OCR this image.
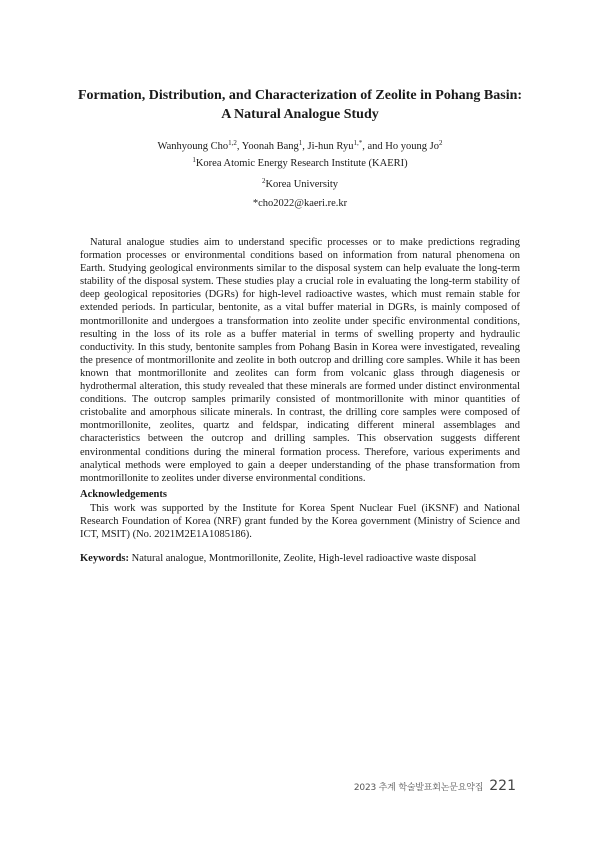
Formation, Distribution, and Characterization of Zeolite in Pohang Basin:
A Natural Analogue Study
Wanhyoung Cho$^{1,2}$, Yoonah Bang$^1$, Ji-hun Ryu$^{1,*}$, and Ho young Jo$^2$
$^1$Korea Atomic Energy Research Institute (KAERI)
$^2$Korea University
*cho2022@kaeri.re.kr

Natural analogue studies aim to understand specific processes or to make predictions regrading formation processes or environmental conditions based on information from natural phenomena on Earth. Studying geological environments similar to the disposal system can help evaluate the long-term stability of the disposal system. These studies play a crucial role in evaluating the long-term stability of deep geological repositories (DGRs) for high-level radioactive wastes, which must remain stable for extended periods. In particular, bentonite, as a vital buffer material in DGRs, is mainly composed of montmorillonite and undergoes a transformation into zeolite under specific environmental conditions, resulting in the loss of its role as a buffer material in terms of swelling property and hydraulic conductivity. In this study, bentonite samples from Pohang Basin in Korea were investigated, revealing the presence of montmorillonite and zeolite in both outcrop and drilling core samples. While it has been known that montmorillonite and zeolites can form from volcanic glass through diagenesis or hydrothermal alteration, this study revealed that these minerals are formed under distinct environmental conditions. The outcrop samples primarily consisted of montmorillonite with minor quantities of cristobalite and amorphous silicate minerals. In contrast, the drilling core samples were composed of montmorillonite, zeolites, quartz and feldspar, indicating different mineral assemblages and characteristics between the outcrop and drilling samples. This observation suggests different environmental conditions during the mineral formation process. Therefore, various experiments and analytical methods were employed to gain a deeper understanding of the phase transformation from montmorillonite to zeolites under diverse environmental conditions.

Acknowledgements

This work was supported by the Institute for Korea Spent Nuclear Fuel (iKSNF) and National Research Foundation of Korea (NRF) grant funded by the Korea government (Ministry of Science and ICT, MSIT) (No. 2021M2E1A1085186).

Keywords: Natural analogue, Montmorillonite, Zeolite, High-level radioactive waste disposal

2023 추계 학술발표회논문요약집 221
